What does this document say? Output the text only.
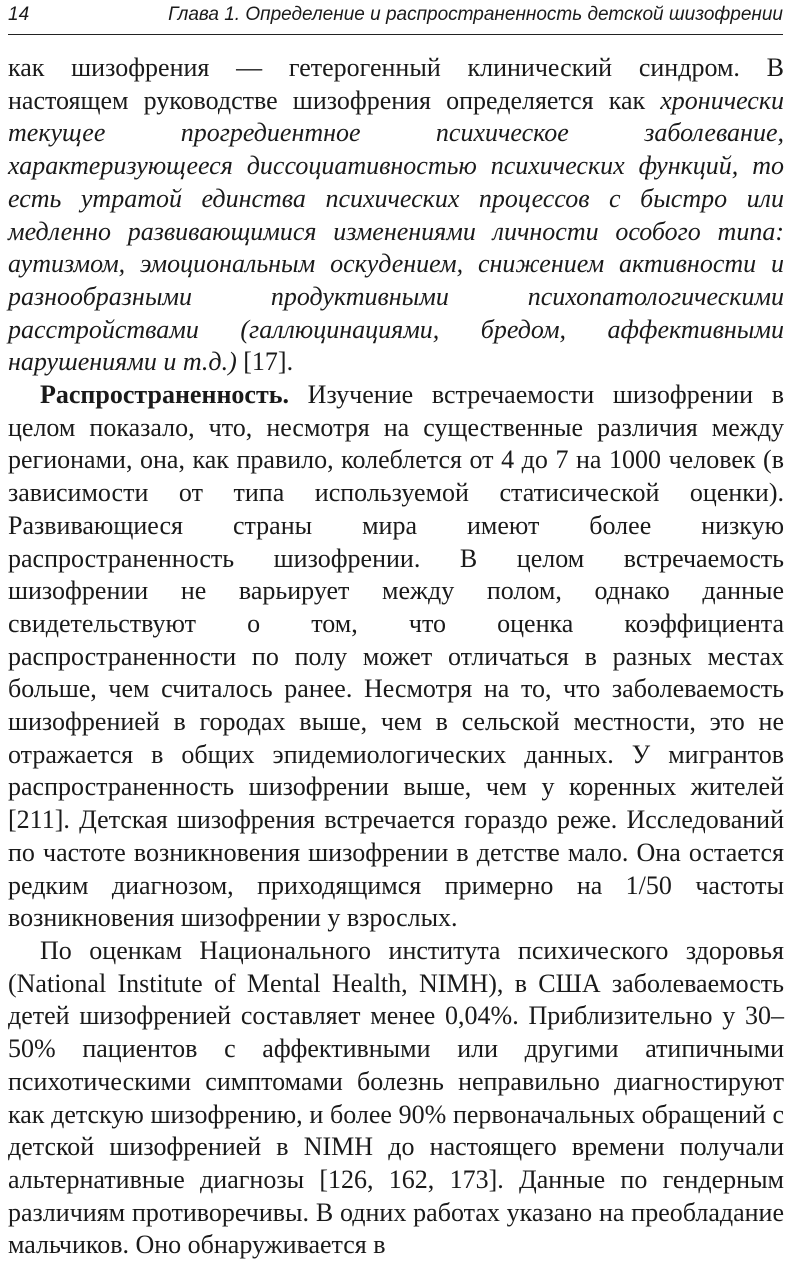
14	Глава 1. Определение и распространенность детской шизофрении

как шизофрения — гетерогенный клинический синдром. В настоящем руководстве шизофрения определяется как хронически текущее прогредиентное психическое заболевание, характеризующееся диссоциативностью психических функций, то есть утратой единства психических процессов с быстро или медленно развивающимися изменениями личности особого типа: аутизмом, эмоциональным оскудением, снижением активности и разнообразными продуктивными психопатологическими расстройствами (галлюцинациями, бредом, аффективными нарушениями и т.д.) [17].

Распространенность. Изучение встречаемости шизофрении в целом показало, что, несмотря на существенные различия между регионами, она, как правило, колеблется от 4 до 7 на 1000 человек (в зависимости от типа используемой статисической оценки). Развивающиеся страны мира имеют более низкую распространенность шизофрении. В целом встречаемость шизофрении не варьирует между полом, однако данные свидетельствуют о том, что оценка коэффициента распространенности по полу может отличаться в разных местах больше, чем считалось ранее. Несмотря на то, что заболеваемость шизофренией в городах выше, чем в сельской местности, это не отражается в общих эпидемиологических данных. У мигрантов распространенность шизофрении выше, чем у коренных жителей [211]. Детская шизофрения встречается гораздо реже. Исследований по частоте возникновения шизофрении в детстве мало. Она остается редким диагнозом, приходящимся примерно на 1/50 частоты возникновения шизофрении у взрослых.

По оценкам Национального института психического здоровья (National Institute of Mental Health, NIMH), в США заболеваемость детей шизофренией составляет менее 0,04%. Приблизительно у 30–50% пациентов с аффективными или другими атипичными психотическими симптомами болезнь неправильно диагностируют как детскую шизофрению, и более 90% первоначальных обращений с детской шизофренией в NIMH до настоящего времени получали альтернативные диагнозы [126, 162, 173]. Данные по гендерным различиям противоречивы. В одних работах указано на преобладание мальчиков. Оно обнаруживается в
